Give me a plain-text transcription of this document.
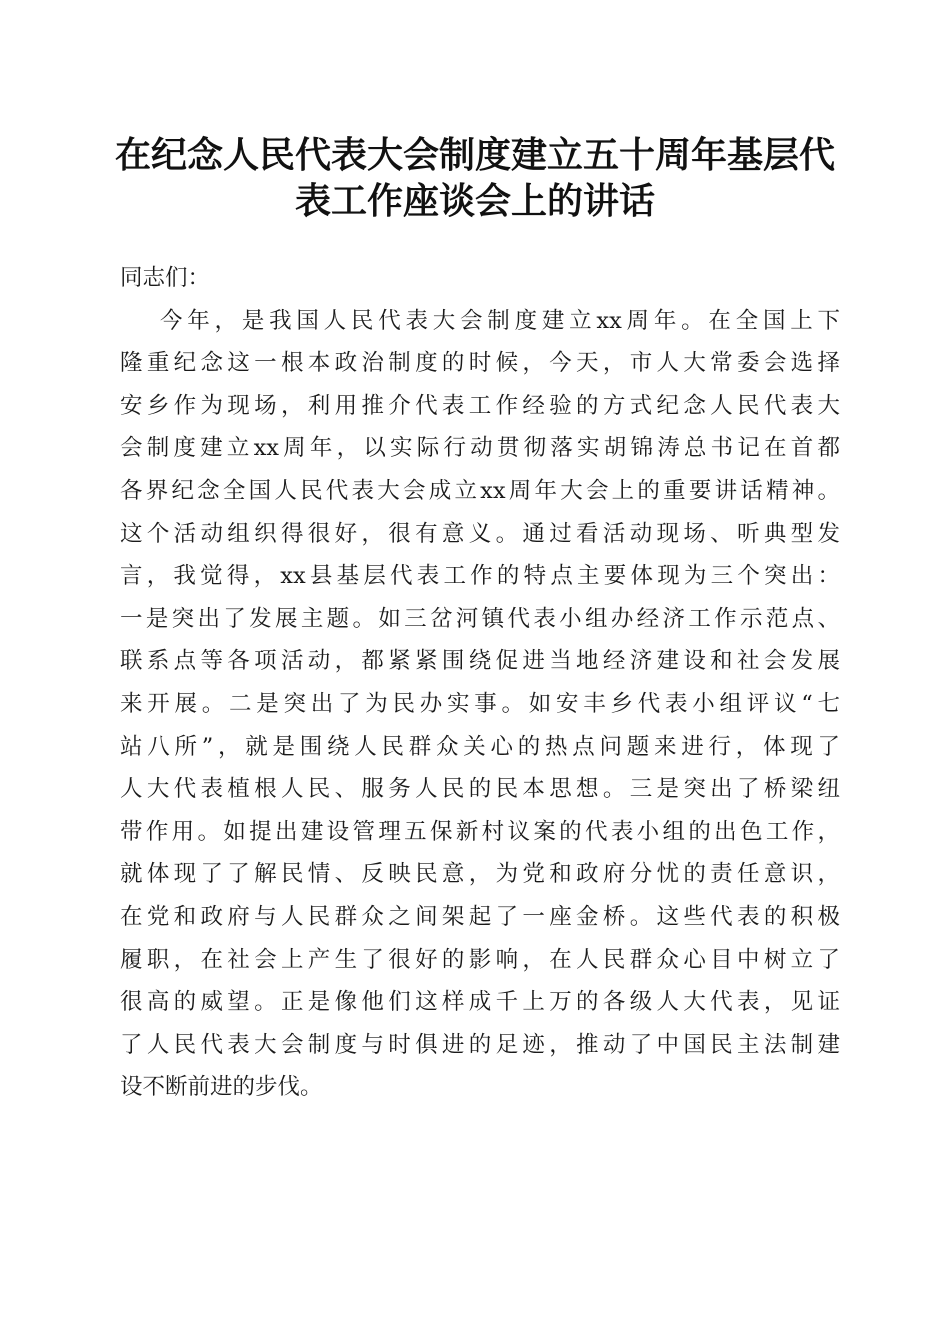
在纪念人民代表大会制度建立五十周年基层代
表工作座谈会上的讲话
同志们：
今年，是我国人民代表大会制度建立xx周年。在全国上下
隆重纪念这一根本政治制度的时候，今天，市人大常委会选择
安乡作为现场，利用推介代表工作经验的方式纪念人民代表大
会制度建立xx周年，以实际行动贯彻落实胡锦涛总书记在首都
各界纪念全国人民代表大会成立xx周年大会上的重要讲话精神。
这个活动组织得很好，很有意义。通过看活动现场、听典型发
言，我觉得，xx县基层代表工作的特点主要体现为三个突出：
一是突出了发展主题。如三岔河镇代表小组办经济工作示范点、
联系点等各项活动，都紧紧围绕促进当地经济建设和社会发展
来开展。二是突出了为民办实事。如安丰乡代表小组评议“七
站八所”，就是围绕人民群众关心的热点问题来进行，体现了
人大代表植根人民、服务人民的民本思想。三是突出了桥梁纽
带作用。如提出建设管理五保新村议案的代表小组的出色工作，
就体现了了解民情、反映民意，为党和政府分忧的责任意识，
在党和政府与人民群众之间架起了一座金桥。这些代表的积极
履职，在社会上产生了很好的影响，在人民群众心目中树立了
很高的威望。正是像他们这样成千上万的各级人大代表，见证
了人民代表大会制度与时俱进的足迹，推动了中国民主法制建
设不断前进的步伐。
